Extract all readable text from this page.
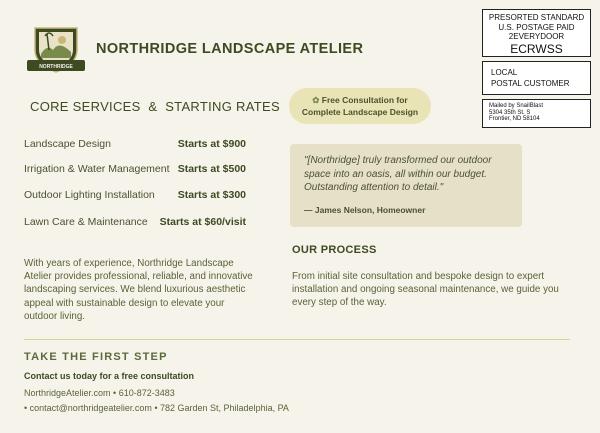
NORTHRIDGE
NORTHRIDGE LANDSCAPE ATELIER
PRESORTED STANDARD
U.S. POSTAGE PAID
2EVERYDOOR
ECRWSS
LOCAL
POSTAL CUSTOMER
Mailed by SnailBlast
5304 35th St. S
Frontier, ND 58104
CORE SERVICES  &  STARTING RATES
Landscape Design	Starts at $900
Irrigation & Water Management Starts at $500
Outdoor Lighting Installation Starts at $300
Lawn Care & Maintenance Starts at $60/visit
✿ Free Consultation for
Complete Landscape Design
"[Northridge] truly transformed our outdoor space into an oasis, all within our budget. Outstanding attention to detail."
— James Nelson, Homeowner
With years of experience, Northridge Landscape Atelier provides professional, reliable, and innovative landscaping services. We blend luxurious aesthetic appeal with sustainable design to elevate your outdoor living.
OUR PROCESS
From initial site consultation and bespoke design to expert installation and ongoing seasonal maintenance, we guide you every step of the way.
TAKE THE FIRST STEP
Contact us today for a free consultation
NorthridgeAtelier.com • 610-872-3483
• contact@northridgeatelier.com • 782 Garden St, Philadelphia, PA
